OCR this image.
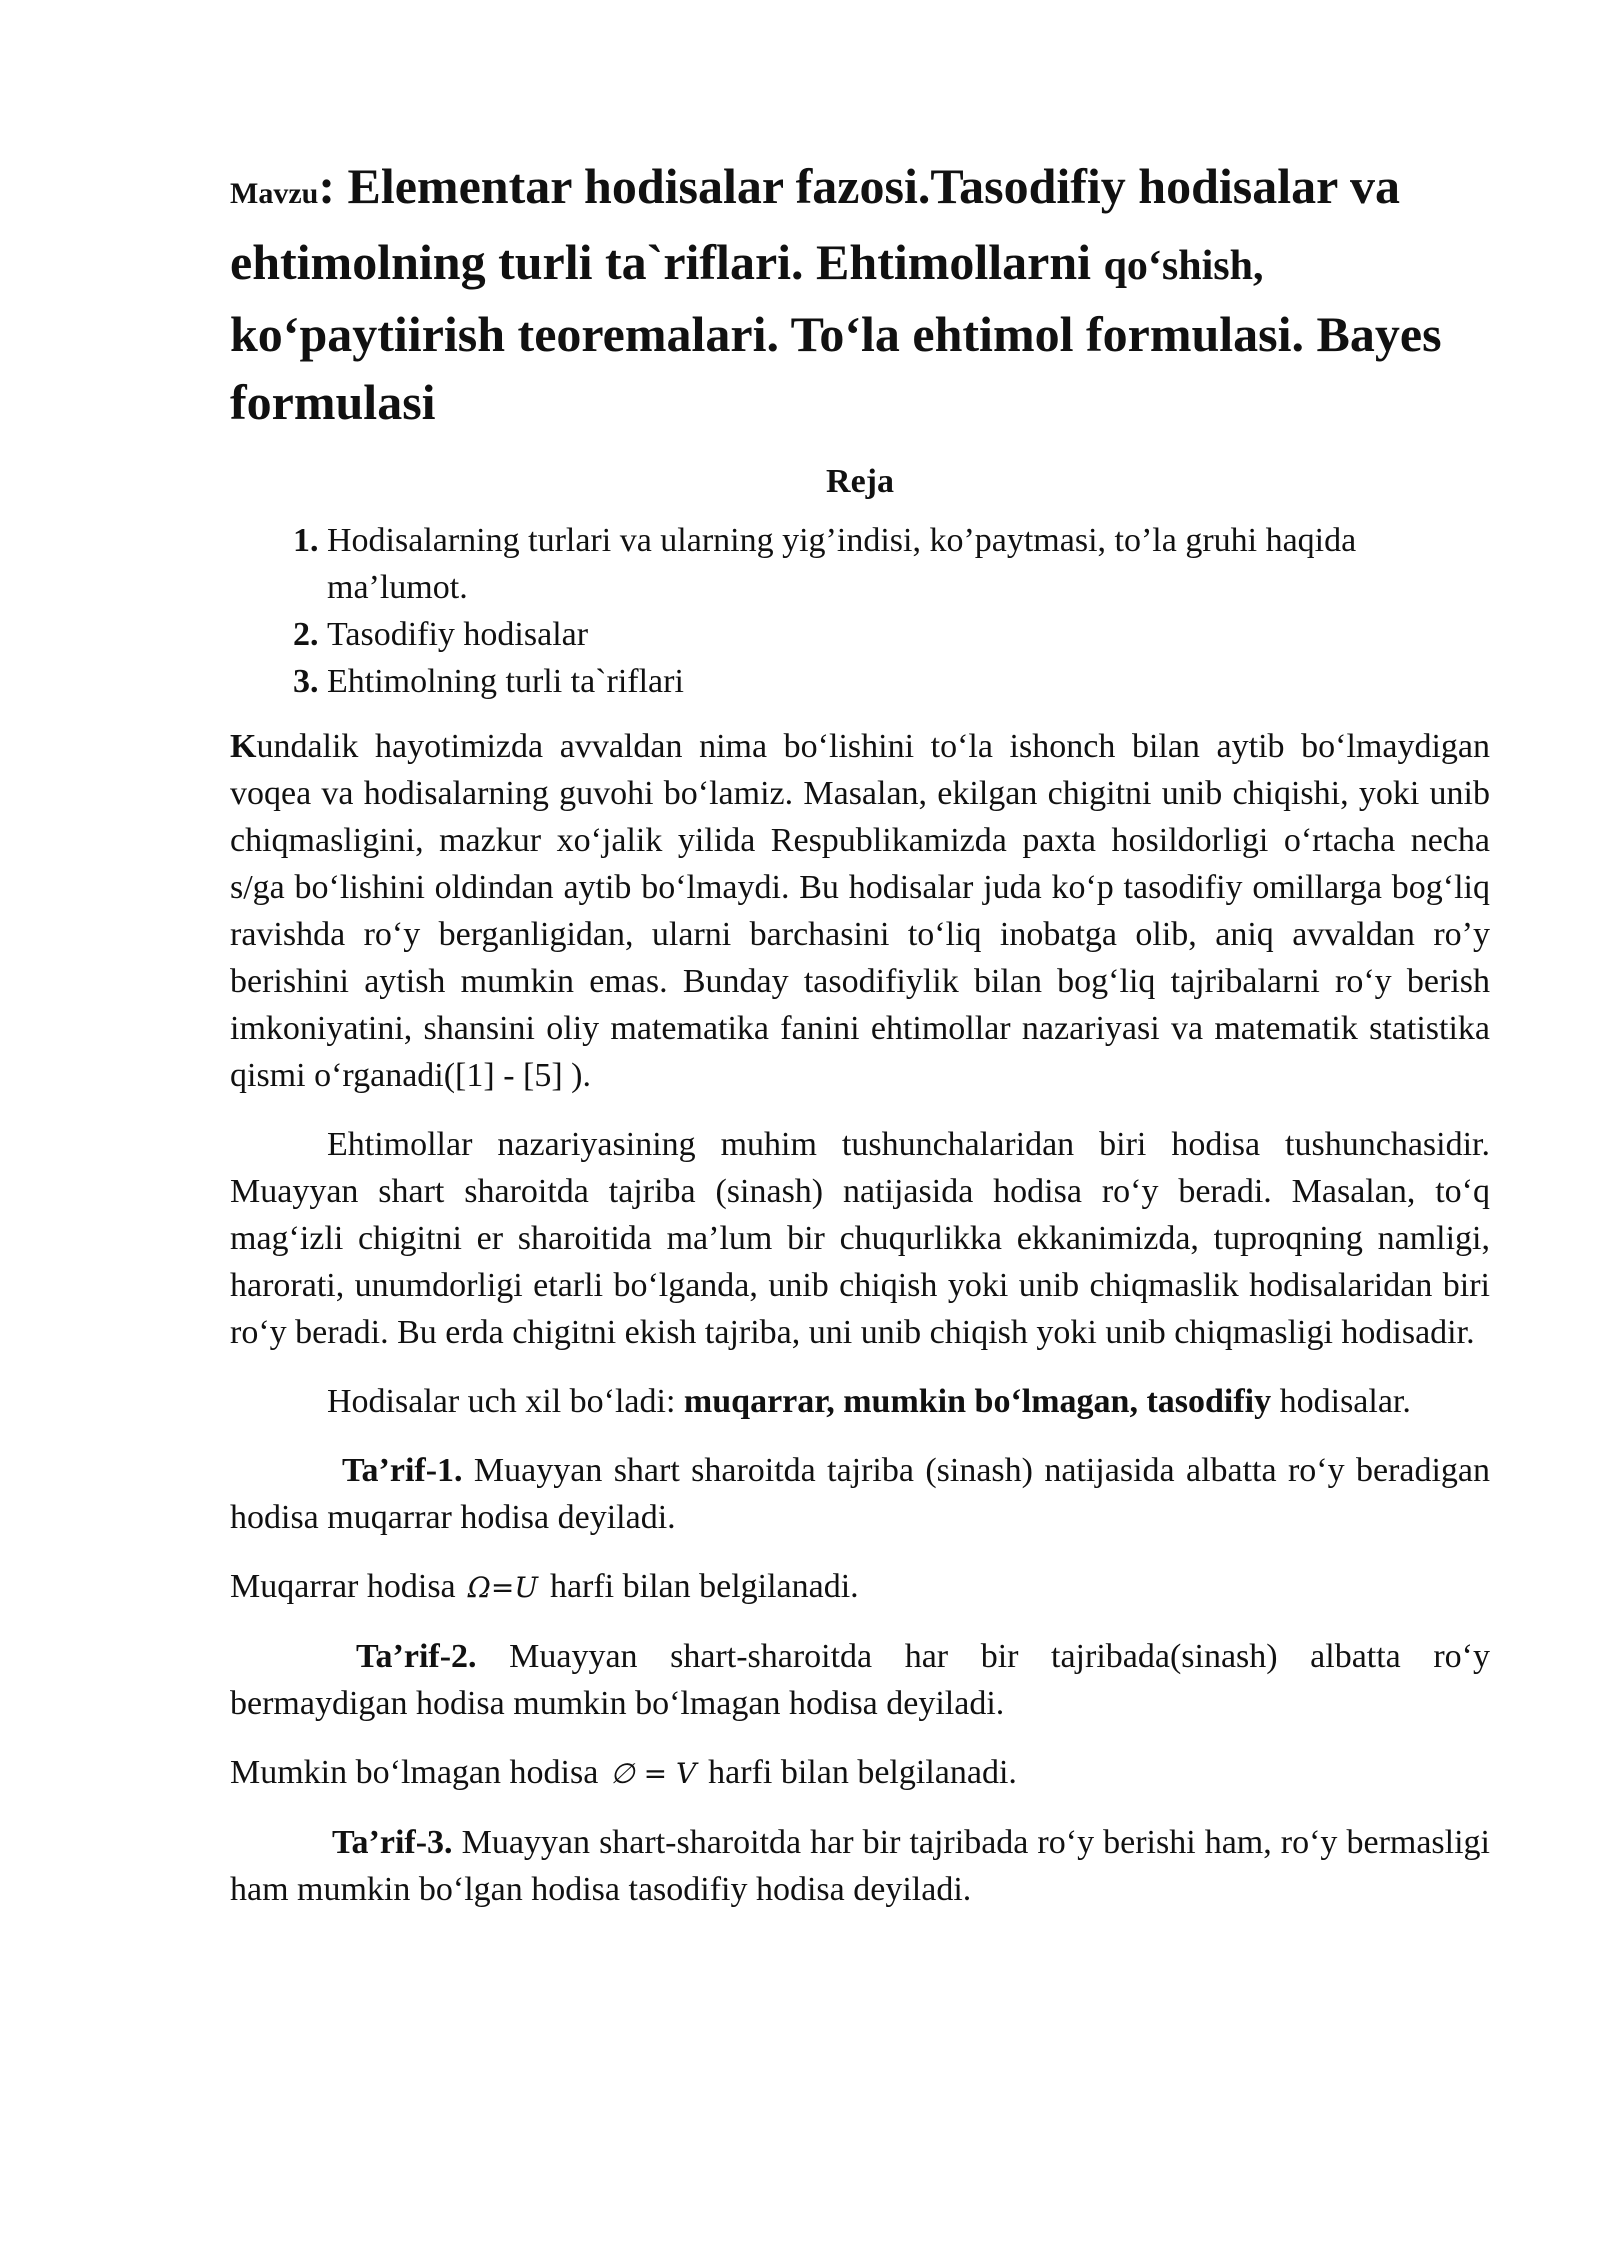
Mavzu: Elementar hodisalar fazosi.Tasodifiy hodisalar va ehtimolning turli ta`riflari. Ehtimollarni qo‘shish, ko‘paytiirish teoremalari. To‘la ehtimol formulasi. Bayes formulasi
Reja
1. Hodisalarning turlari va ularning yig’indisi, ko’paytmasi, to’la gruhi haqida ma’lumot.
2. Tasodifiy hodisalar
3. Ehtimolning turli ta`riflari

Kundalik hayotimizda avvaldan nima bo‘lishini to‘la ishonch bilan aytib bo‘lmaydigan voqea va hodisalarning guvohi bo‘lamiz. Masalan, ekilgan chigitni unib chiqishi, yoki unib chiqmasligini, mazkur xo‘jalik yilida Respublikamizda paxta hosildorligi o‘rtacha necha s/ga bo‘lishini oldindan aytib bo‘lmaydi. Bu hodisalar juda ko‘p tasodifiy omillarga bog‘liq ravishda ro‘y berganligidan, ularni barchasini to‘liq inobatga olib, aniq avvaldan ro’y berishini aytish mumkin emas. Bunday tasodifiylik bilan bog‘liq tajribalarni ro‘y berish imkoniyatini, shansini oliy matematika fanini ehtimollar nazariyasi va matematik statistika qismi o‘rganadi([1] - [5] ).

Ehtimollar nazariyasining muhim tushunchalaridan biri hodisa tushunchasidir. Muayyan shart sharoitda tajriba (sinash) natijasida hodisa ro‘y beradi. Masalan, to‘q mag‘izli chigitni er sharoitida ma’lum bir chuqurlikka ekkanimizda, tuproqning namligi, harorati, unumdorligi etarli bo‘lganda, unib chiqish yoki unib chiqmaslik hodisalaridan biri ro‘y beradi. Bu erda chigitni ekish tajriba, uni unib chiqish yoki unib chiqmasligi hodisadir.

Hodisalar uch xil bo‘ladi: muqarrar, mumkin bo‘lmagan, tasodifiy hodisalar.

Ta’rif-1. Muayyan shart sharoitda tajriba (sinash) natijasida albatta ro‘y beradigan hodisa muqarrar hodisa deyiladi.

Muqarrar hodisa Ω=U harfi bilan belgilanadi.

Ta’rif-2. Muayyan shart-sharoitda har bir tajribada(sinash) albatta ro‘y bermaydigan hodisa mumkin bo‘lmagan hodisa deyiladi.

Mumkin bo‘lmagan hodisa ∅ = V harfi bilan belgilanadi.

Ta’rif-3. Muayyan shart-sharoitda har bir tajribada ro‘y berishi ham, ro‘y bermasligi ham mumkin bo‘lgan hodisa tasodifiy hodisa deyiladi.
